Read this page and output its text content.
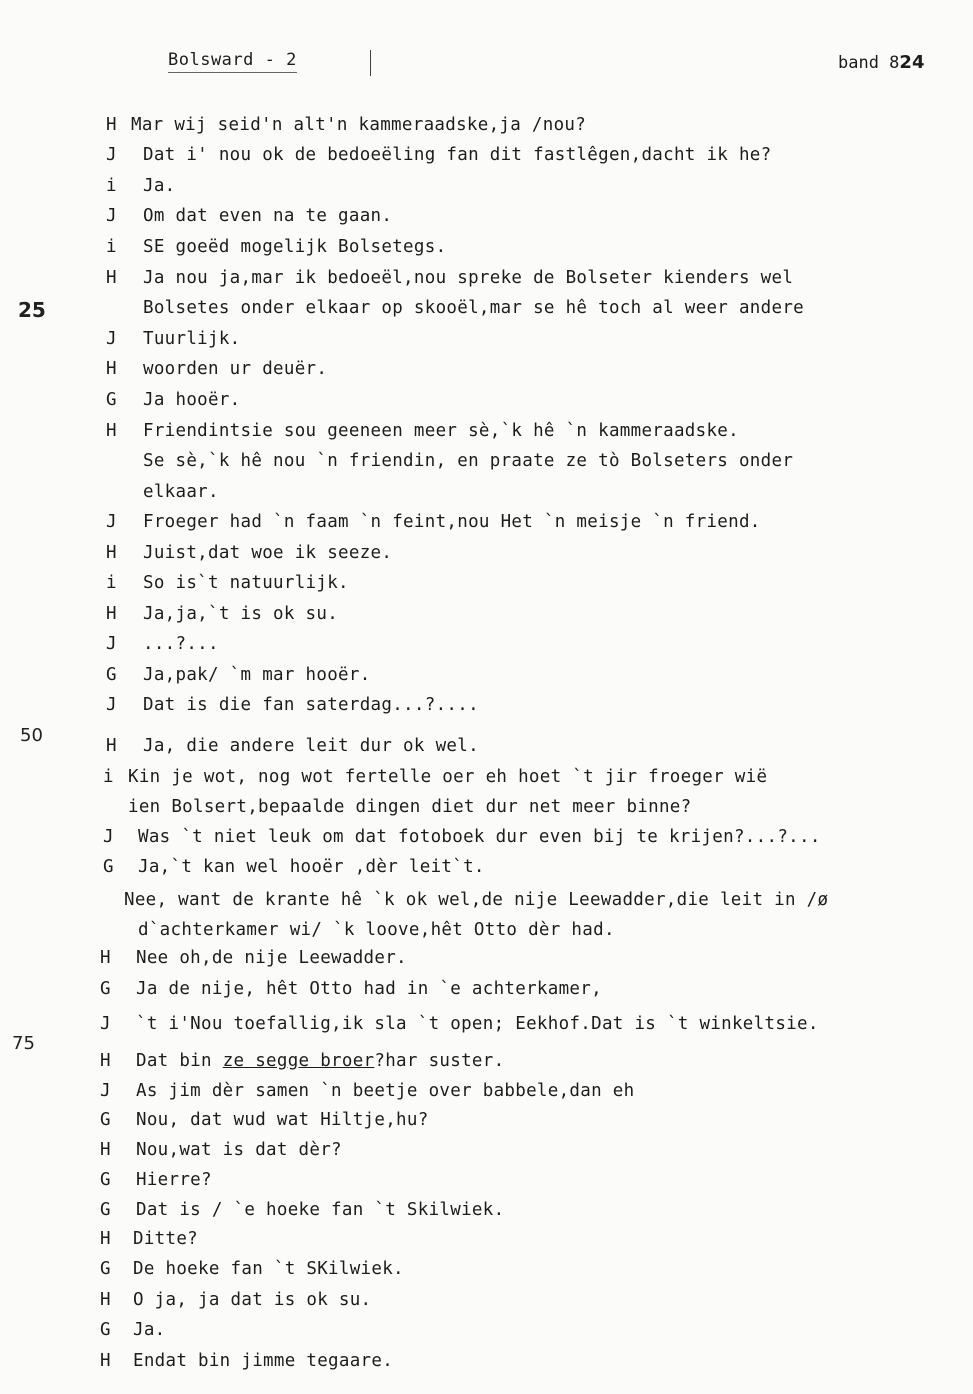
Bolsward - 2	band 824
25
50
75
H Mar wij seid'n alt'n kammeraadske,ja /nou?
J Dat i' nou ok de bedoeëling fan dit fastlêgen,dacht ik he?
i Ja.
J Om dat even na te gaan.
i SE goeëd mogelijk Bolsetegs.
H Ja nou ja,mar ik bedoeël,nou spreke de Bolseter kienders wel
Bolsetes onder elkaar op skooël,mar se hê toch al weer andere
J Tuurlijk.
H woorden ur deuër.
G Ja hooër.
H Friendintsie sou geeneen meer sè,`k hê `n kammeraadske.
Se sè,`k hê nou `n friendin, en praate ze tò Bolseters onder
elkaar.
J Froeger had `n faam `n feint,nou Het `n meisje `n friend.
H Juist,dat woe ik seeze.
i So is`t natuurlijk.
H Ja,ja,`t is ok su.
J ...?...
G Ja,pak/ `m mar hooër.
J Dat is die fan saterdag...?....
H Ja, die andere leit dur ok wel.
i Kin je wot, nog wot fertelle oer eh hoet `t jir froeger wië
ien Bolsert,bepaalde dingen diet dur net meer binne?
J Was `t niet leuk om dat fotoboek dur even bij te krijen?...?...
G Ja,`t kan wel hooër ,dèr leit`t.
Nee, want de krante hê `k ok wel,de nije Leewadder,die leit in /ø
d`achterkamer wi/ `k loove,hêt Otto dèr had.
H Nee oh,de nije Leewadder.
G Ja de nije, hêt Otto had in `e achterkamer,
J `t i'Nou toefallig,ik sla `t open; Eekhof.Dat is `t winkeltsie.
H Dat bin ze segge broer?har suster.
J As jim dèr samen `n beetje over babbele,dan eh
G Nou, dat wud wat Hiltje,hu?
H Nou,wat is dat dèr?
G Hierre?
G Dat is / `e hoeke fan `t Skilwiek.
H Ditte?
G De hoeke fan `t SKilwiek.
H O ja, ja dat is ok su.
G Ja.
H Endat bin jimme tegaare.
